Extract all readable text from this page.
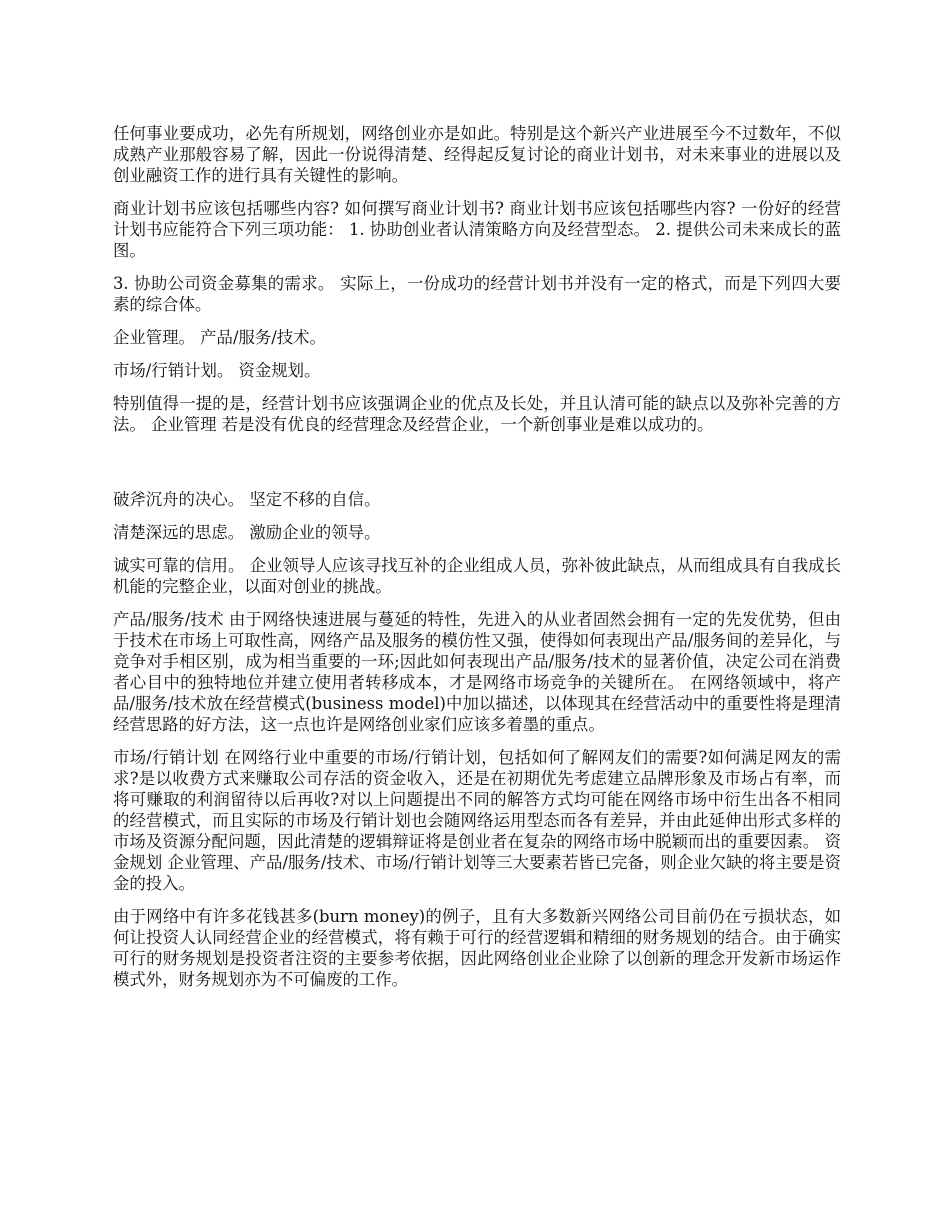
任何事业要成功，必先有所规划，网络创业亦是如此。特别是这个新兴产业进展至今不过数年，不似成熟产业那般容易了解，因此一份说得清楚、经得起反复讨论的商业计划书，对未来事业的进展以及创业融资工作的进行具有关键性的影响。

商业计划书应该包括哪些内容? 如何撰写商业计划书? 商业计划书应该包括哪些内容? 一份好的经营计划书应能符合下列三项功能： 1. 协助创业者认清策略方向及经营型态。 2. 提供公司未来成长的蓝图。

3. 协助公司资金募集的需求。 实际上，一份成功的经营计划书并没有一定的格式，而是下列四大要素的综合体。

企业管理。 产品/服务/技术。

市场/行销计划。 资金规划。

特别值得一提的是，经营计划书应该强调企业的优点及长处，并且认清可能的缺点以及弥补完善的方法。 企业管理 若是没有优良的经营理念及经营企业，一个新创事业是难以成功的。

破斧沉舟的决心。 坚定不移的自信。

清楚深远的思虑。 激励企业的领导。

诚实可靠的信用。 企业领导人应该寻找互补的企业组成人员，弥补彼此缺点，从而组成具有自我成长机能的完整企业，以面对创业的挑战。

产品/服务/技术 由于网络快速进展与蔓延的特性，先进入的从业者固然会拥有一定的先发优势，但由于技术在市场上可取性高，网络产品及服务的模仿性又强，使得如何表现出产品/服务间的差异化，与竞争对手相区别，成为相当重要的一环;因此如何表现出产品/服务/技术的显著价值，决定公司在消费者心目中的独特地位并建立使用者转移成本，才是网络市场竞争的关键所在。 在网络领域中，将产品/服务/技术放在经营模式(business model)中加以描述，以体现其在经营活动中的重要性将是理清经营思路的好方法，这一点也许是网络创业家们应该多着墨的重点。

市场/行销计划 在网络行业中重要的市场/行销计划，包括如何了解网友们的需要?如何满足网友的需求?是以收费方式来赚取公司存活的资金收入，还是在初期优先考虑建立品牌形象及市场占有率，而将可赚取的利润留待以后再收?对以上问题提出不同的解答方式均可能在网络市场中衍生出各不相同的经营模式，而且实际的市场及行销计划也会随网络运用型态而各有差异，并由此延伸出形式多样的市场及资源分配问题，因此清楚的逻辑辩证将是创业者在复杂的网络市场中脱颖而出的重要因素。 资金规划 企业管理、产品/服务/技术、市场/行销计划等三大要素若皆已完备，则企业欠缺的将主要是资金的投入。

由于网络中有许多花钱甚多(burn money)的例子，且有大多数新兴网络公司目前仍在亏损状态，如何让投资人认同经营企业的经营模式，将有赖于可行的经营逻辑和精细的财务规划的结合。由于确实可行的财务规划是投资者注资的主要参考依据，因此网络创业企业除了以创新的理念开发新市场运作模式外，财务规划亦为不可偏废的工作。
